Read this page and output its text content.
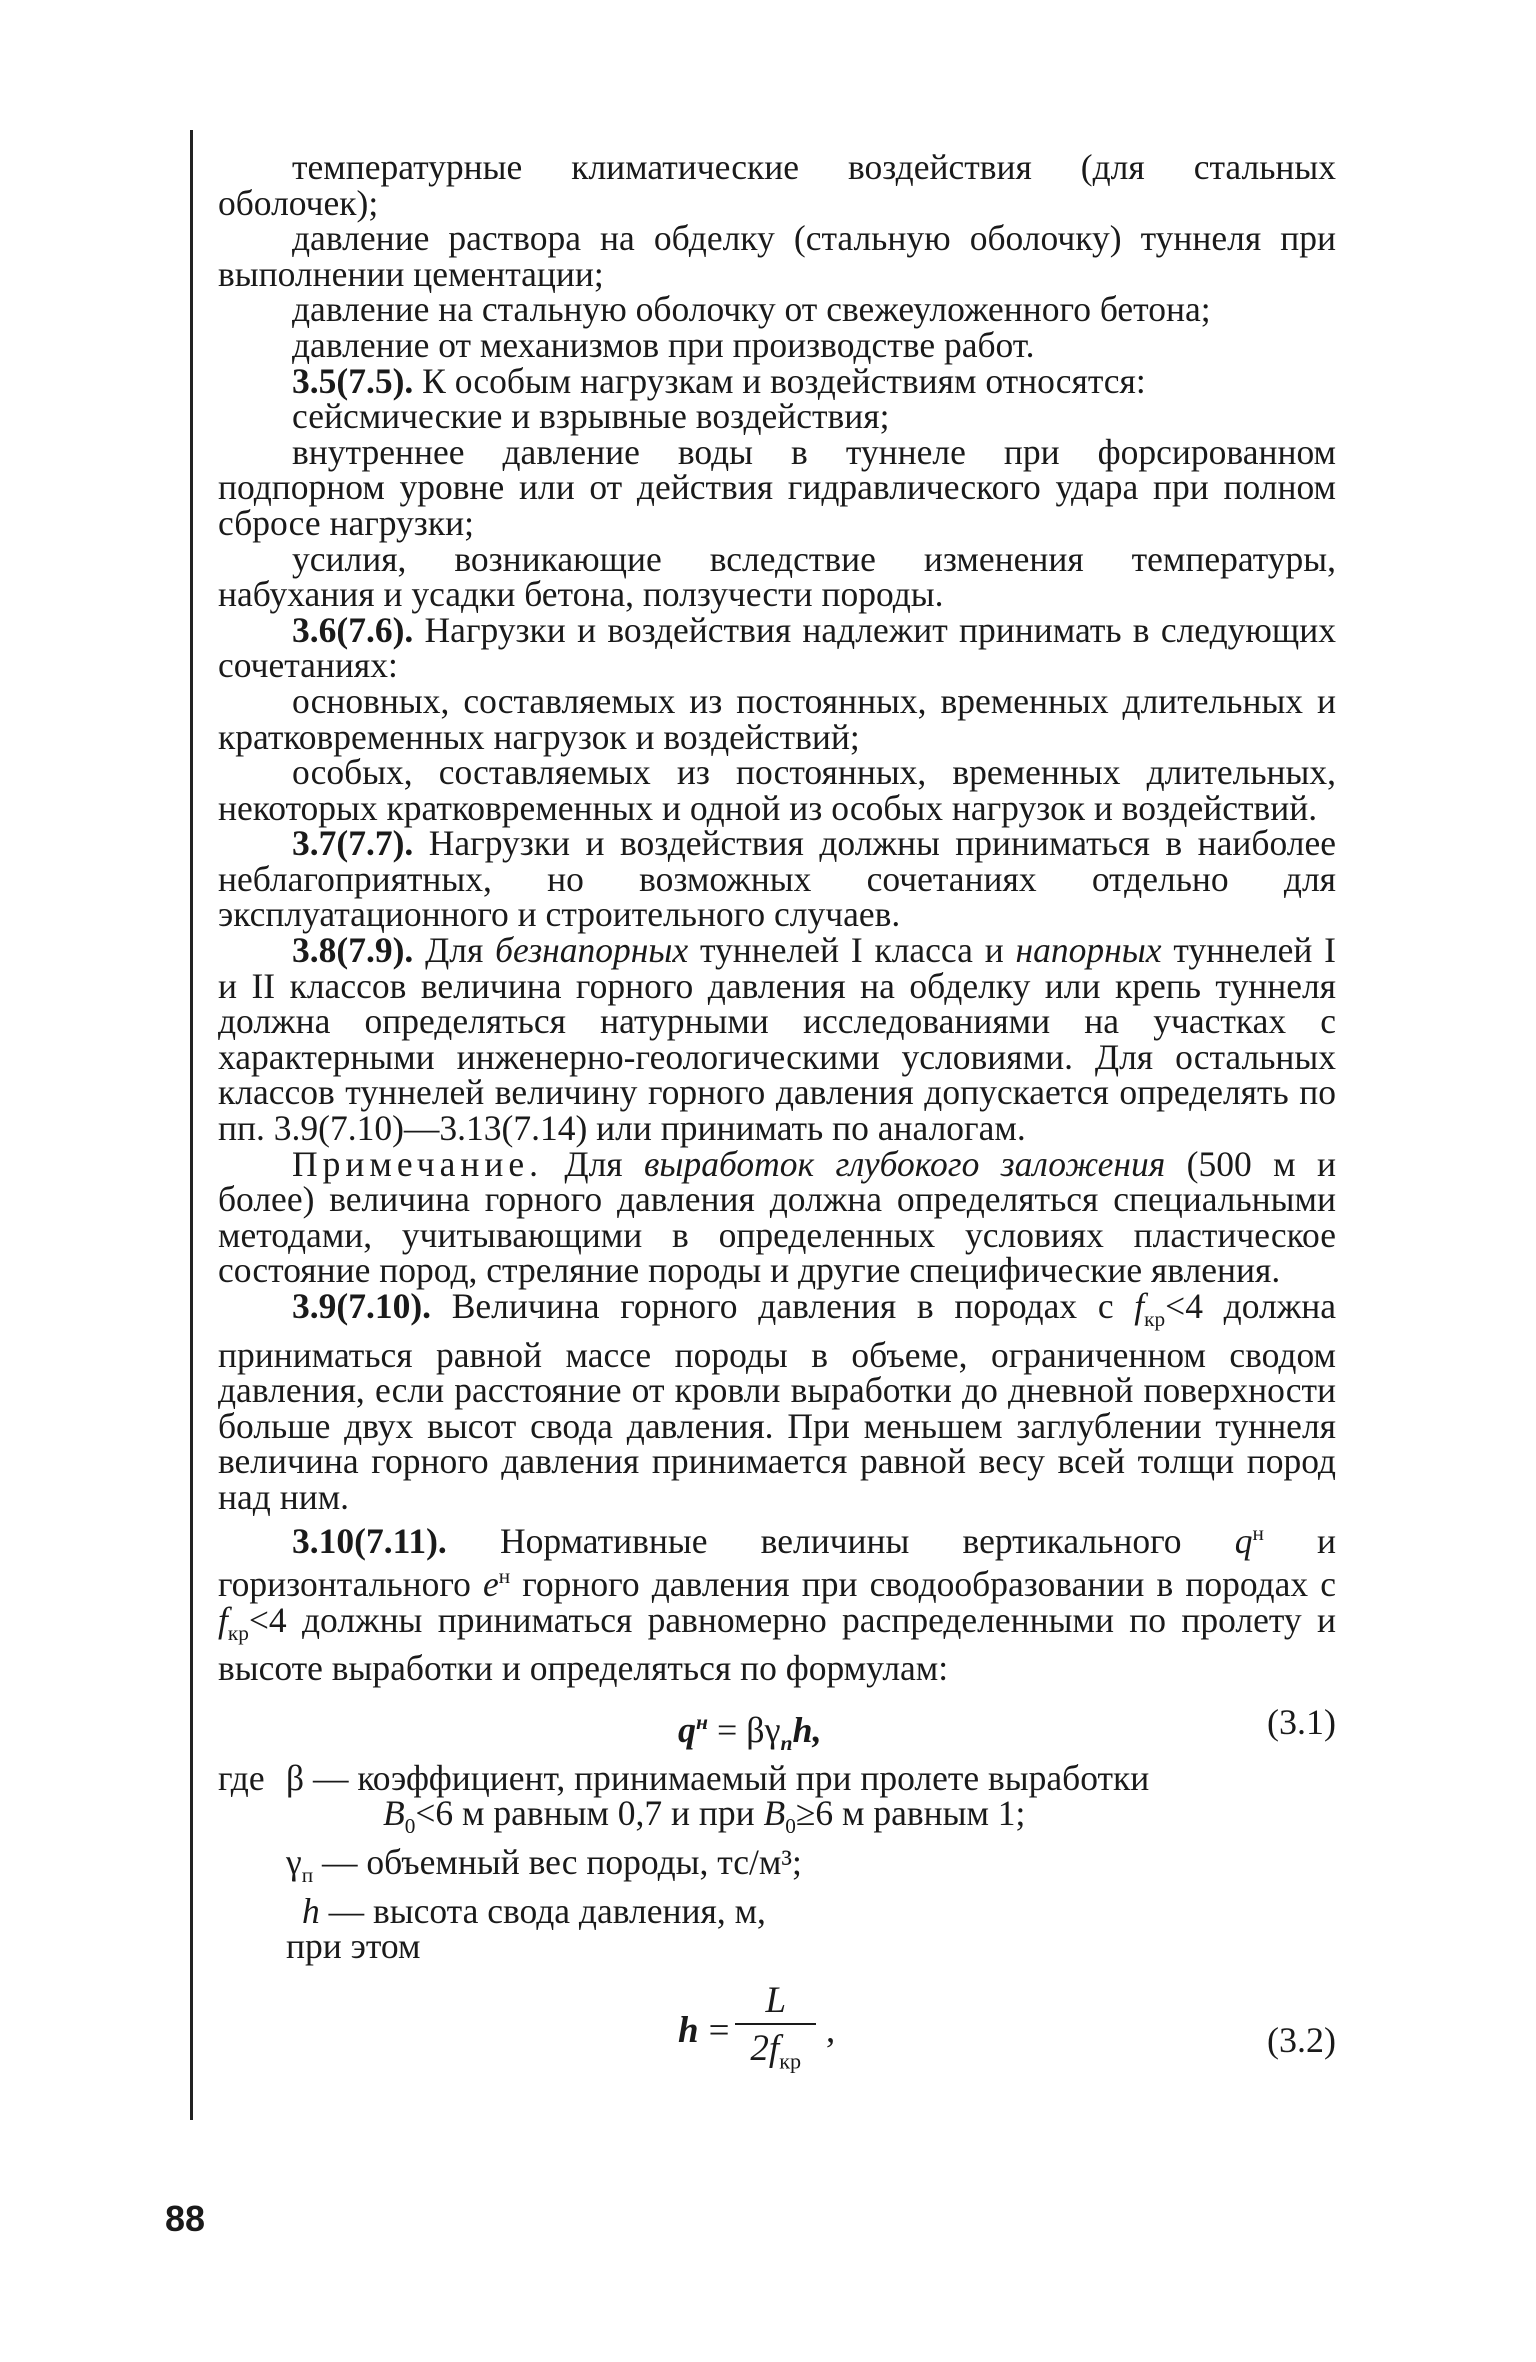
температурные климатические воздействия (для стальных оболочек);

давление раствора на обделку (стальную оболочку) туннеля при выполнении цементации;

давление на стальную оболочку от свежеуложенного бетона;

давление от механизмов при производстве работ.

3.5(7.5). К особым нагрузкам и воздействиям относятся:

сейсмические и взрывные воздействия;

внутреннее давление воды в туннеле при форсированном подпорном уровне или от действия гидравлического удара при полном сбросе нагрузки;

усилия, возникающие вследствие изменения температуры, набухания и усадки бетона, ползучести породы.

3.6(7.6). Нагрузки и воздействия надлежит принимать в следующих сочетаниях:

основных, составляемых из постоянных, временных длительных и кратковременных нагрузок и воздействий;

особых, составляемых из постоянных, временных длительных, некоторых кратковременных и одной из особых нагрузок и воздействий.

3.7(7.7). Нагрузки и воздействия должны приниматься в наиболее неблагоприятных, но возможных сочетаниях отдельно для эксплуатационного и строительного случаев.

3.8(7.9). Для безнапорных туннелей I класса и напорных туннелей I и II классов величина горного давления на обделку или крепь туннеля должна определяться натурными исследованиями на участках с характерными инженерно-геологическими условиями. Для остальных классов туннелей величину горного давления допускается определять по пп. 3.9(7.10)—3.13(7.14) или принимать по аналогам.

Примечание. Для выработок глубокого заложения (500 м и более) величина горного давления должна определяться специальными методами, учитывающими в определенных условиях пластическое состояние пород, стреляние породы и другие специфические явления.

3.9(7.10). Величина горного давления в породах с $f_{кр}<4$ должна приниматься равной массе породы в объеме, ограниченном сводом давления, если расстояние от кровли выработки до дневной поверхности больше двух высот свода давления. При меньшем заглублении туннеля величина горного давления принимается равной весу всей толщи пород над ним.

3.10(7.11). Нормативные величины вертикального $q^н$ и горизонтального $e^н$ горного давления при сводообразовании в породах с $f_{кр}<4$ должны приниматься равномерно распределенными по пролету и высоте выработки и определяться по формулам:

$q^н = \beta\gamma_пh$,	(3.1)

где β — коэффициент, принимаемый при пролете выработки

$B_0<6$ м равным 0,7 и при $B_0\ge 6$ м равным 1;

$\gamma_п$ — объемный вес породы, тс/м³;

h — высота свода давления, м,

при этом

$h = \frac{L}{2f_{кр}}$ ,	(3.2)
88
